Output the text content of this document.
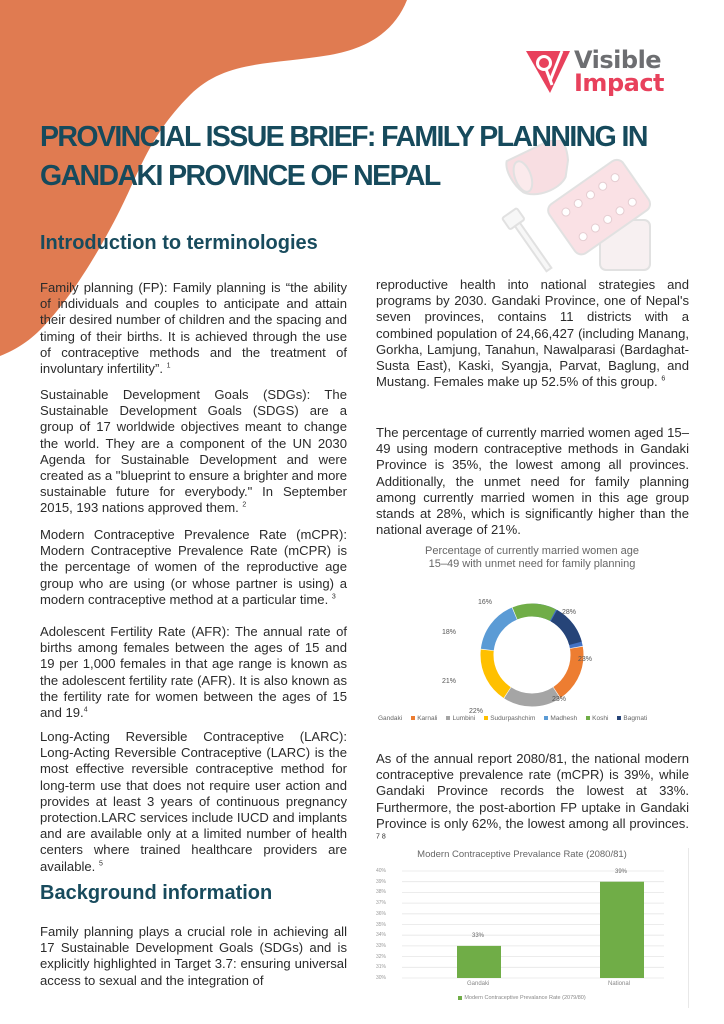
Visible
Impact
PROVINCIAL ISSUE BRIEF: FAMILY PLANNING IN GANDAKI PROVINCE OF NEPAL
Introduction to terminologies

Family planning (FP): Family planning is “the ability of individuals and couples to anticipate and attain their desired number of children and the spacing and timing of their births. It is achieved through the use of contraceptive methods and the treatment of involuntary infertility”. $^1$

Sustainable Development Goals (SDGs): The Sustainable Development Goals (SDGS) are a group of 17 worldwide objectives meant to change the world. They are a component of the UN 2030 Agenda for Sustainable Development and were created as a "blueprint to ensure a brighter and more sustainable future for everybody." In September 2015, 193 nations approved them. $^2$

Modern Contraceptive Prevalence Rate (mCPR): Modern Contraceptive Prevalence Rate (mCPR) is the percentage of women of the reproductive age group who are using (or whose partner is using) a modern contraceptive method at a particular time. $^3$

Adolescent Fertility Rate (AFR): The annual rate of births among females between the ages of 15 and 19 per 1,000 females in that age range is known as the adolescent fertility rate (AFR). It is also known as the fertility rate for women between the ages of 15 and 19.$^4$

Long-Acting Reversible Contraceptive (LARC): Long-Acting Reversible Contraceptive (LARC) is the most effective reversible contraceptive method for long-term use that does not require user action and provides at least 3 years of continuous pregnancy protection.LARC services include IUCD and implants and are available only at a limited number of health centers where trained healthcare providers are available. $^5$

Background information

Family planning plays a crucial role in achieving all 17 Sustainable Development Goals (SDGs) and is explicitly highlighted in Target 3.7: ensuring universal access to sexual and the integration of

reproductive health into national strategies and programs by 2030. Gandaki Province, one of Nepal's seven provinces, contains 11 districts with a combined population of 24,66,427 (including Manang, Gorkha, Lamjung, Tanahun, Nawalparasi (Bardaghat-Susta East), Kaski, Syangja, Parvat, Baglung, and Mustang. Females make up 52.5% of this group. $^6$

The percentage of currently married women aged 15–49 using modern contraceptive methods in Gandaki Province is 35%, the lowest among all provinces. Additionally, the unmet need for family planning among currently married women in this age group stands at 28%, which is significantly higher than the national average of 21%.

Percentage of currently married women age 15–49 with unmet need for family planning
28%
23%
23%
22%
21%
18%
16%
Gandaki	Karnali	Lumbini	Sudurpashchim	Madhesh	Koshi	Bagmati

As of the annual report 2080/81, the national modern contraceptive prevalence rate (mCPR) is 39%, while Gandaki Province records the lowest at 33%. Furthermore, the post-abortion FP uptake in Gandaki Province is only 62%, the lowest among all provinces. $^{7 8}$

Modern Contraceptive Prevalance Rate (2080/81)
40%
39%
38%
37%
36%
35%
34%
33%
32%
31%
30%
33%
39%
Gandaki	National
Modern Contraceptive Prevalance Rate (2079/80)
